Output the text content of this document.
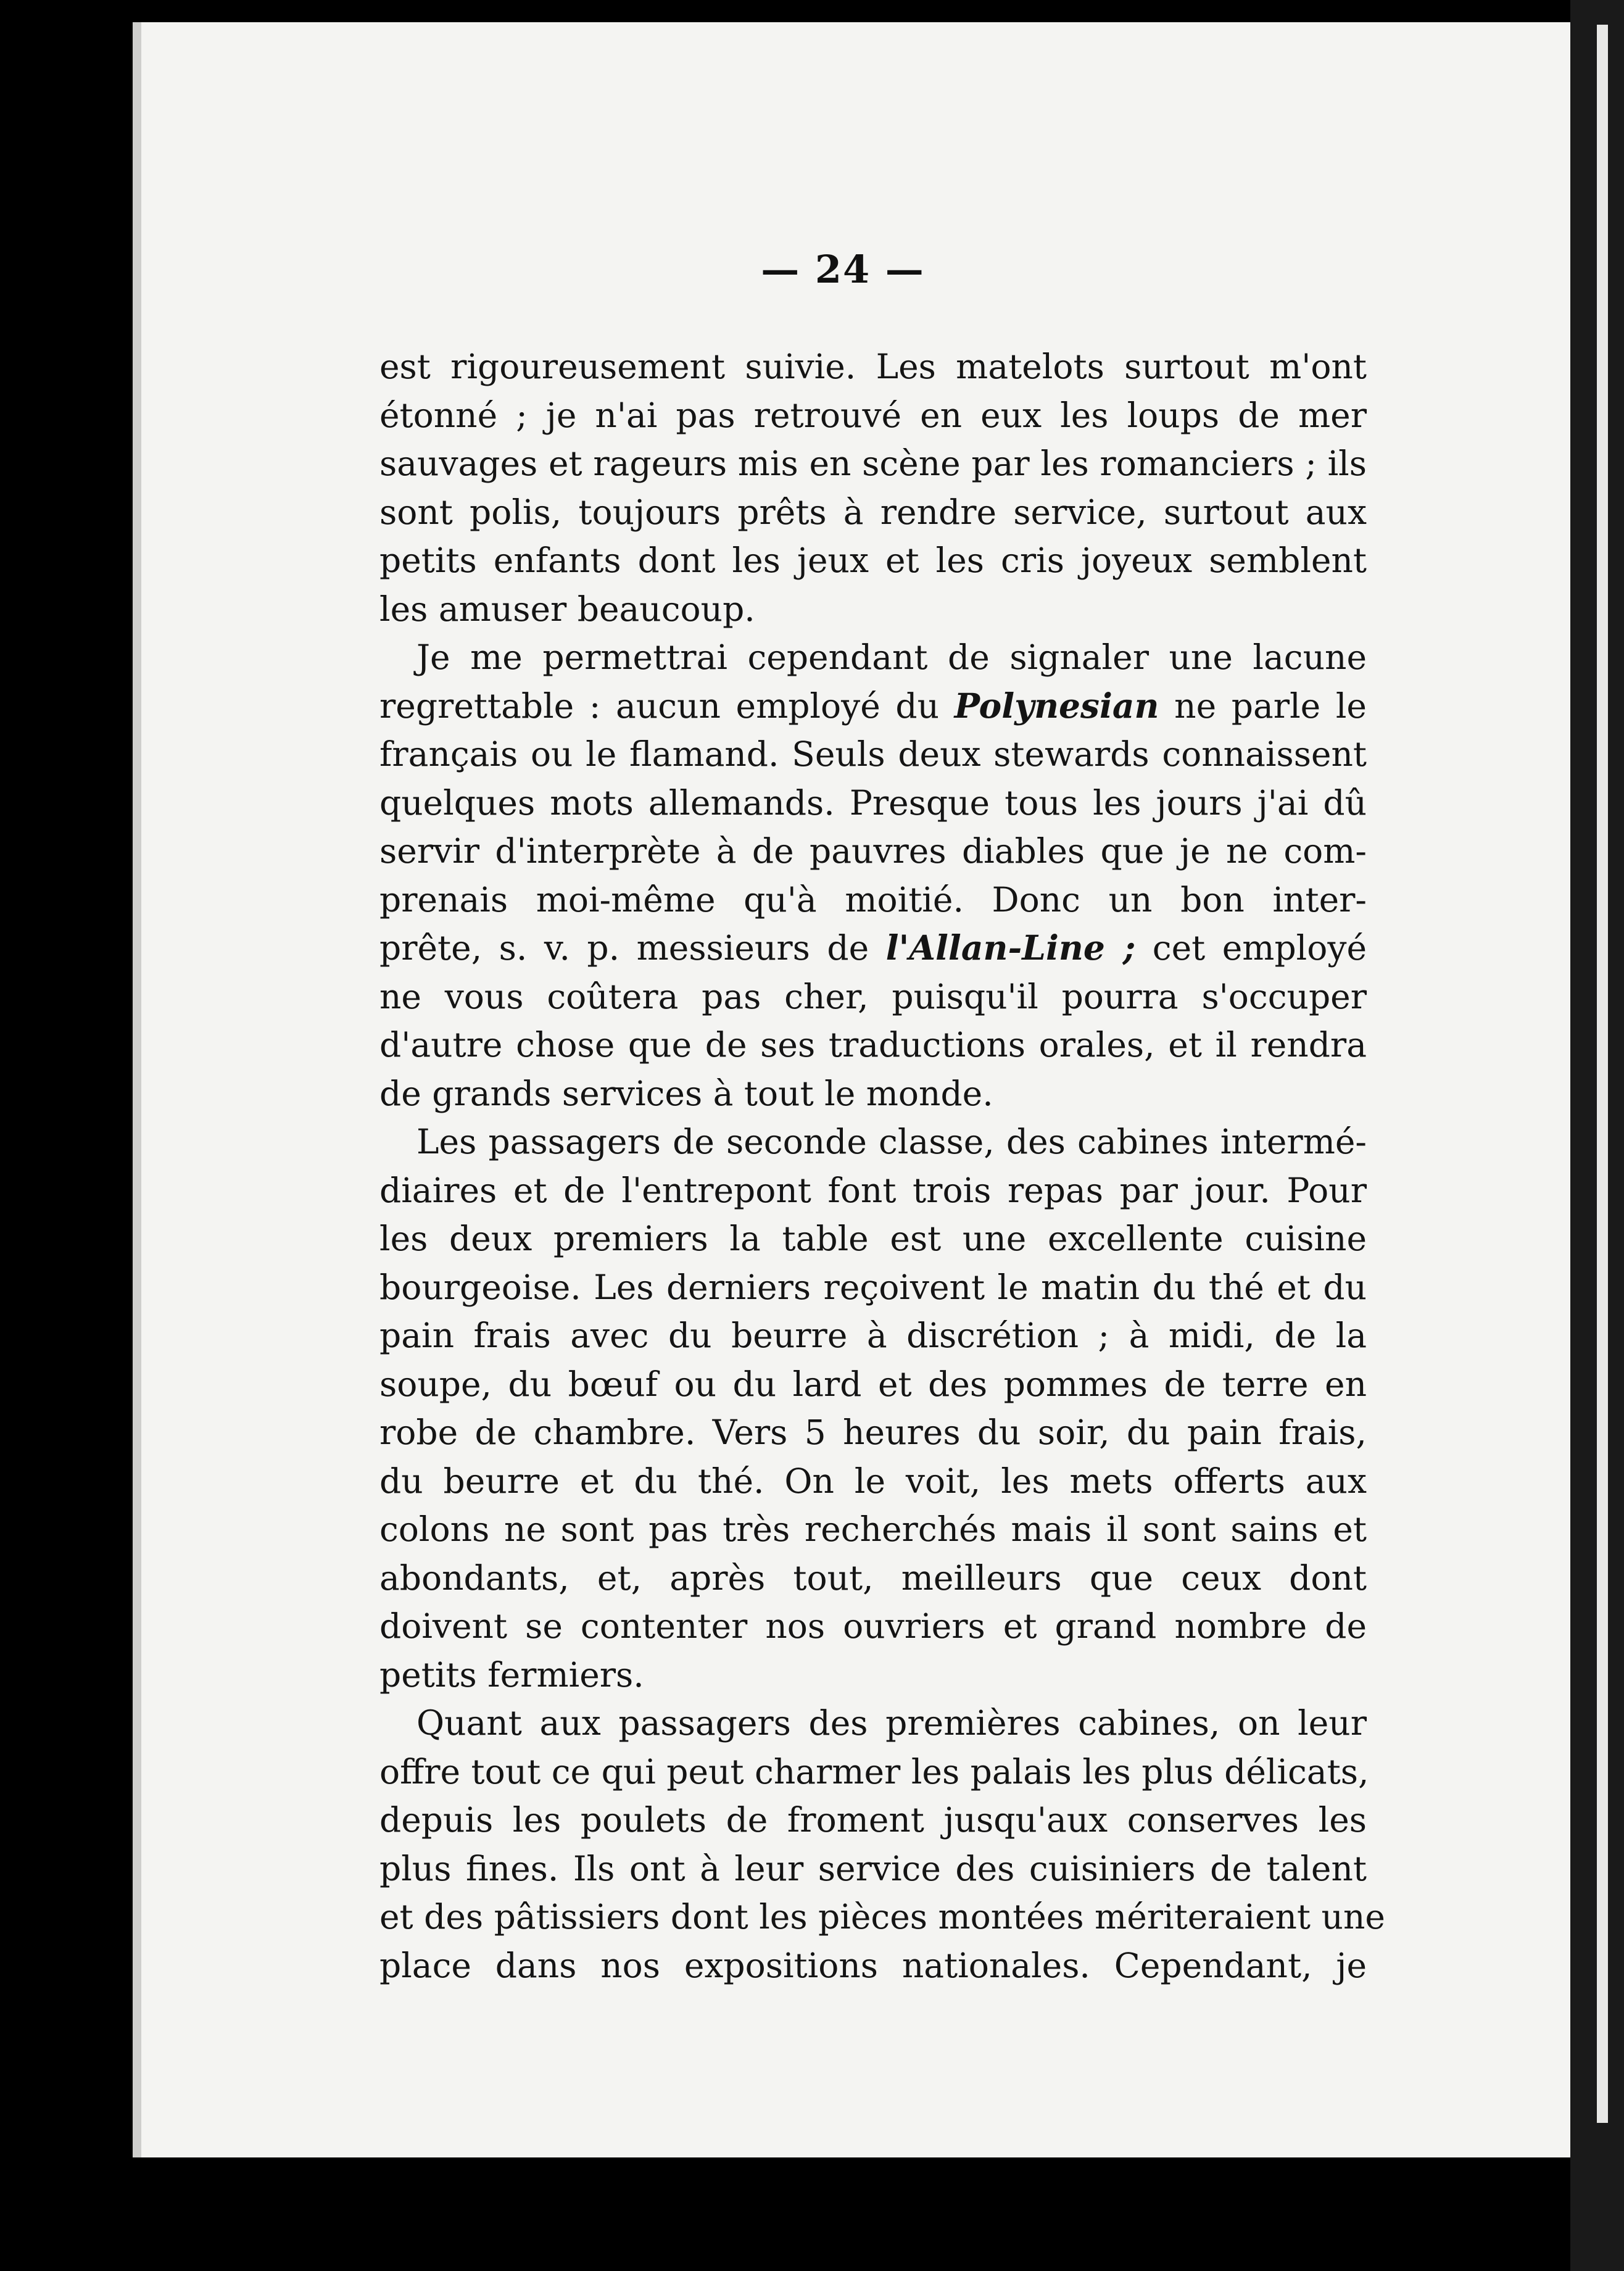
— 24 —
est rigoureusement suivie. Les matelots surtout m'ont
étonné ; je n'ai pas retrouvé en eux les loups de mer
sauvages et rageurs mis en scène par les romanciers ; ils
sont polis, toujours prêts à rendre service, surtout aux
petits enfants dont les jeux et les cris joyeux semblent
les amuser beaucoup.
Je me permettrai cependant de signaler une lacune
regrettable : aucun employé du Polynesian ne parle le
français ou le flamand. Seuls deux stewards connaissent
quelques mots allemands. Presque tous les jours j'ai dû
servir d'interprète à de pauvres diables que je ne com-
prenais moi-même qu'à moitié. Donc un bon inter-
prête, s. v. p. messieurs de l'Allan-Line ; cet employé
ne vous coûtera pas cher, puisqu'il pourra s'occuper
d'autre chose que de ses traductions orales, et il rendra
de grands services à tout le monde.
Les passagers de seconde classe, des cabines intermé-
diaires et de l'entrepont font trois repas par jour. Pour
les deux premiers la table est une excellente cuisine
bourgeoise. Les derniers reçoivent le matin du thé et du
pain frais avec du beurre à discrétion ; à midi, de la
soupe, du bœuf ou du lard et des pommes de terre en
robe de chambre. Vers 5 heures du soir, du pain frais,
du beurre et du thé. On le voit, les mets offerts aux
colons ne sont pas très recherchés mais il sont sains et
abondants, et, après tout, meilleurs que ceux dont
doivent se contenter nos ouvriers et grand nombre de
petits fermiers.
Quant aux passagers des premières cabines, on leur
offre tout ce qui peut charmer les palais les plus délicats,
depuis les poulets de froment jusqu'aux conserves les
plus fines. Ils ont à leur service des cuisiniers de talent
et des pâtissiers dont les pièces montées mériteraient une
place dans nos expositions nationales. Cependant, je
